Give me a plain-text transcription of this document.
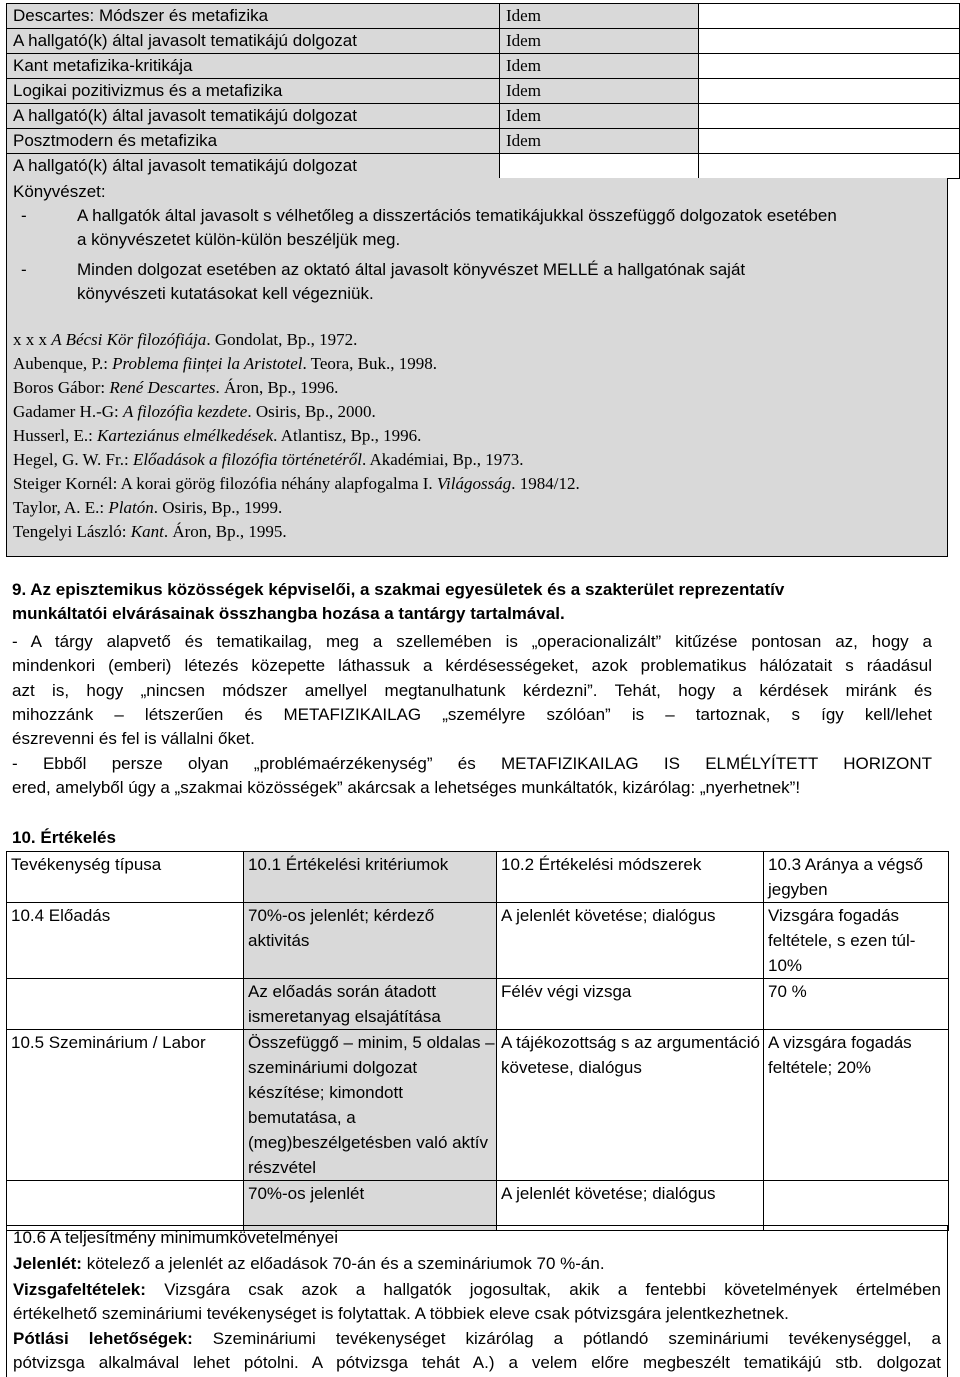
Descartes: Módszer és metafizika	Idem	
A hallgató(k) által javasolt tematikájú dolgozat	Idem	
Kant metafizika-kritikája	Idem	
Logikai pozitivizmus és a metafizika	Idem	
A hallgató(k) által javasolt tematikájú dolgozat	Idem	
Posztmodern és metafizika	Idem	
A hallgató(k) által javasolt tematikájú dolgozat		
Könyvészet:
-	A hallgatók által javasolt s vélhetőleg a disszertációs tematikájukkal összefüggő dolgozatok esetében
a könyvészetet külön-külön beszéljük meg.
-	Minden dolgozat esetében az oktató által javasolt könyvészet MELLÉ a hallgatónak saját
könyvészeti kutatásokat kell végezniük.
x x x A Bécsi Kör filozófiája. Gondolat, Bp., 1972.
Aubenque, P.: Problema ființei la Aristotel. Teora, Buk., 1998.
Boros Gábor: René Descartes. Áron, Bp., 1996.
Gadamer H.-G: A filozófia kezdete. Osiris, Bp., 2000.
Husserl, E.: Karteziánus elmélkedések. Atlantisz, Bp., 1996.
Hegel, G. W. Fr.: Előadások a filozófia történetéről. Akadémiai, Bp., 1973.
Steiger Kornél: A korai görög filozófia néhány alapfogalma I. Világosság. 1984/12.
Taylor, A. E.: Platón. Osiris, Bp., 1999.
Tengelyi László: Kant. Áron, Bp., 1995.
9. Az episztemikus közösségek képviselői, a szakmai egyesületek és a szakterület reprezentatív
munkáltatói elvárásainak összhangba hozása a tantárgy tartalmával.
- A tárgy alapvető és tematikailag, meg a szellemében is „operacionalizált” kitűzése pontosan az, hogy a
mindenkori (emberi) létezés közepette láthassuk a kérdésességeket, azok problematikus hálózatait s ráadásul
azt is, hogy „nincsen módszer amellyel megtanulhatunk kérdezni”. Tehát, hogy a kérdések miránk és
mihozzánk – létszerűen és METAFIZIKAILAG „személyre szólóan” is – tartoznak, s így kell/lehet
észrevenni és fel is vállalni őket.
- Ebből persze olyan „problémaérzékenység” és METAFIZIKAILAG IS ELMÉLYÍTETT HORIZONT
ered, amelyből úgy a „szakmai közösségek” akárcsak a lehetséges munkáltatók, kizárólag: „nyerhetnek”!
10. Értékelés
Tevékenység típusa	10.1 Értékelési kritériumok	10.2 Értékelési módszerek	10.3 Aránya a végső jegyben
10.4 Előadás	70%-os jelenlét; kérdező aktivitás	A jelenlét követése; dialógus	Vizsgára fogadás feltétele, s ezen túl- 10%
	Az előadás során átadott ismeretanyag elsajátítása	Félév végi vizsga	70 %
10.5 Szeminárium / Labor	Összefüggő – minim, 5 oldalas – szemináriumi dolgozat készítése; kimondott bemutatása, a (meg)beszélgetésben való aktív részvétel	A tájékozottság s az argumentáció követese, dialógus	A vizsgára fogadás feltétele; 20%
	70%-os jelenlét	A jelenlét követése; dialógus	
10.6 A teljesítmény minimumkövetelményei
Jelenlét: kötelező a jelenlét az előadások 70-án és a szemináriumok 70 %-án.
Vizsgafeltételek: Vizsgára csak azok a hallgatók jogosultak, akik a fentebbi követelmények értelmében
értékelhető szemináriumi tevékenységet is folytattak. A többiek eleve csak pótvizsgára jelentkezhetnek.
Pótlási lehetőségek: Szemináriumi tevékenységet kizárólag a pótlandó szemináriumi tevékenységgel, a
pótvizsga alkalmával lehet pótolni. A pótvizsga tehát A.) a velem előre megbeszélt tematikájú stb. dolgozat
